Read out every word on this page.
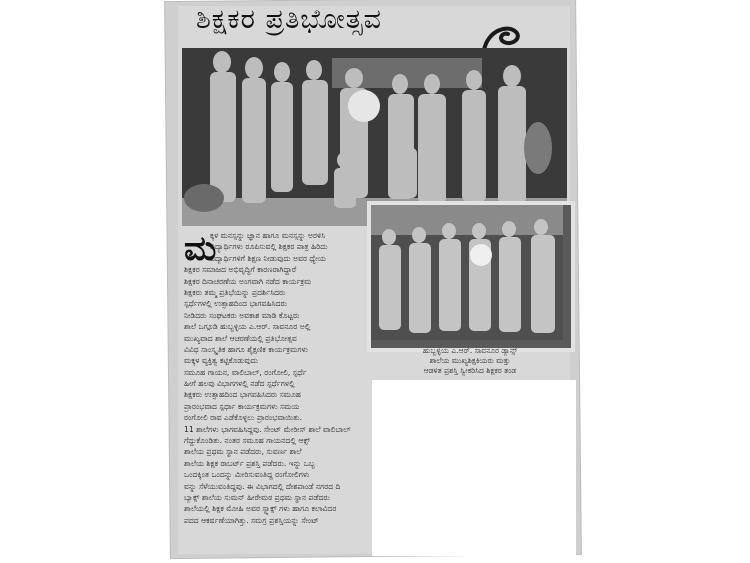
ಶಿಕ್ಷಕರ ಪ್ರತಿಭೋತ್ಸವ
ಹುಬ್ಬಳ್ಳಿಯ ಎ.ಆರ್. ಸಾವನೂರ ಡ್ಯಾನ್ಸ್
ಶಾಲೆಯ ಮುಖ್ಯಶಿಕ್ಷಕಿಯರು ಮತ್ತು
ಆಡಳಿತ ಪ್ರಶಸ್ತಿ ಸ್ವೀಕರಿಸಿದ ಶಿಕ್ಷಕರ ತಂಡ
ಮ
ಕ್ಕಳ ಮನಸ್ಸನ್ನು ಜ್ಞಾನ ಹಾಗೂ ಮನಸ್ಸನ್ನು ಅರಳಿಸಿ
ವಿದ್ಯಾರ್ಥಿಗಳು ರೂಪಿಸುವಲ್ಲಿ ಶಿಕ್ಷಕರ ಪಾತ್ರ ಹಿರಿದು
ವಿದ್ಯಾರ್ಥಿಗಳಿಗೆ ಶಿಕ್ಷಣ ನೀಡುವುದು ಅವರ ಧ್ಯೇಯ
ಶಿಕ್ಷಕರ ಸಮಾಜದ ಅಭಿವೃದ್ಧಿಗೆ ಕಾರಣರಾಗಿದ್ದಾರೆ
ಶಿಕ್ಷಕರ ದಿನಾಚರಣೆಯ ಅಂಗವಾಗಿ ನಡೆದ ಕಾರ್ಯಕ್ರಮ
ಶಿಕ್ಷಕರು ತಮ್ಮ ಪ್ರತಿಭೆಯನ್ನು ಪ್ರದರ್ಶಿಸಿದರು
ಸ್ಪರ್ಧೆಗಳಲ್ಲಿ ಉತ್ಸಾಹದಿಂದ ಭಾಗವಹಿಸಿದರು
ನೀಡಿದರು ಸಂಘಟಕರು ಅವಕಾಶ ಮಾಡಿ ಕೊಟ್ಟರು
ಶಾಲೆ ಒಗ್ಗೂಡಿ ಹುಬ್ಬಳ್ಳಿಯ ಎ.ಆರ್. ಸಾವನೂರ ಅಲ್ಲಿ
ಮುಖ್ಯವಾದ ಶಾಲೆ ಆಚರಣೆಯಲ್ಲಿ ಪ್ರತಿಭೋತ್ಸವ
ವಿವಿಧ ಸಾಂಸ್ಕೃತಿಕ ಹಾಗೂ ಶೈಕ್ಷಣಿಕ ಕಾರ್ಯಕ್ರಮಗಳು
ಮಕ್ಕಳ ವ್ಯಕ್ತಿತ್ವ ಕಟ್ಟಿಕೊಡುವುದು
ಸಮೂಹ ಗಾಯನ, ವಾಲಿಬಾಲ್, ರಂಗೋಲಿ, ಸ್ಪರ್ಧೆ
ಹೀಗೆ ಹಲವು ವಿಭಾಗಗಳಲ್ಲಿ ನಡೆದ ಸ್ಪರ್ಧೆಗಳಲ್ಲಿ
ಶಿಕ್ಷಕರು ಉತ್ಸಾಹದಿಂದ ಭಾಗವಹಿಸಿದರು ಸಮೂಹ
ಪ್ರಾರಂಭವಾದ ಸ್ಪರ್ಧಾ ಕಾರ್ಯಕ್ರಮಗಳು ಸಮಯ
ರಂಗೋಲಿ ರಾವ ಎಡೆಕೊಳ್ಳಲು ಪ್ರಾರಂಭವಾಯಿತು.
11 ಶಾಲೆಗಳು ಭಾಗವಹಿಸಿದ್ದವು. ಸೇಂಟ್ ಮೇರೀಸ್ ಶಾಲೆ ವಾಲಿಬಾಲ್
ಗೆದ್ದುಕೊಂಡಿತು. ನಂತರ ಸಮೂಹ ಗಾಯನದಲ್ಲಿ ಆಕ್ಸ್
ಶಾಲೆಯ ಪ್ರಥಮ ಸ್ಥಾನ ಪಡೆದರು, ಸುವರ್ಣ ಶಾಲೆ
ಶಾಲೆಯ ಶಿಕ್ಷಕ ರಾಬರ್ಟ್ ಪ್ರಶಸ್ತಿ ಪಡೆದರು. ಇನ್ನು ಒಬ್ಬ
ಒಂದಕ್ಕಿಂತ ಒಂದನ್ನು ಮೀರಿಸುವಂತಿದ್ದ ರಂಗೋಲಿಗಳು
ವನ್ನು ಸೆಳೆಯುವಂತಿದ್ದವು. ಈ ವಿಭಾಗದಲ್ಲಿ ದೇಶಪಾಂಡೆ ನಗರದ ದಿ
ಬ್ಯಾಕ್ಸ್ ಶಾಲೆಯ ಸುಮನ್ ಹೀರೇಮಠ ಪ್ರಥಮ ಸ್ಥಾನ ಪಡೆದರು
ಶಾಲೆಯಲ್ಲಿ ಶಿಕ್ಷಕ ಮೋಹಿ ಅವರ ಸ್ನ್ಯಾಕ್ಸ್ ಗಳು ಹಾಗೂ ಕಲಾವಿದರ
ಪದದ ಆಕರ್ಷಣೆಯಾಗಿತ್ತು. ಸಮಗ್ರ ಪ್ರಶಸ್ತಿಯನ್ನು ಸೇಂಟ್
